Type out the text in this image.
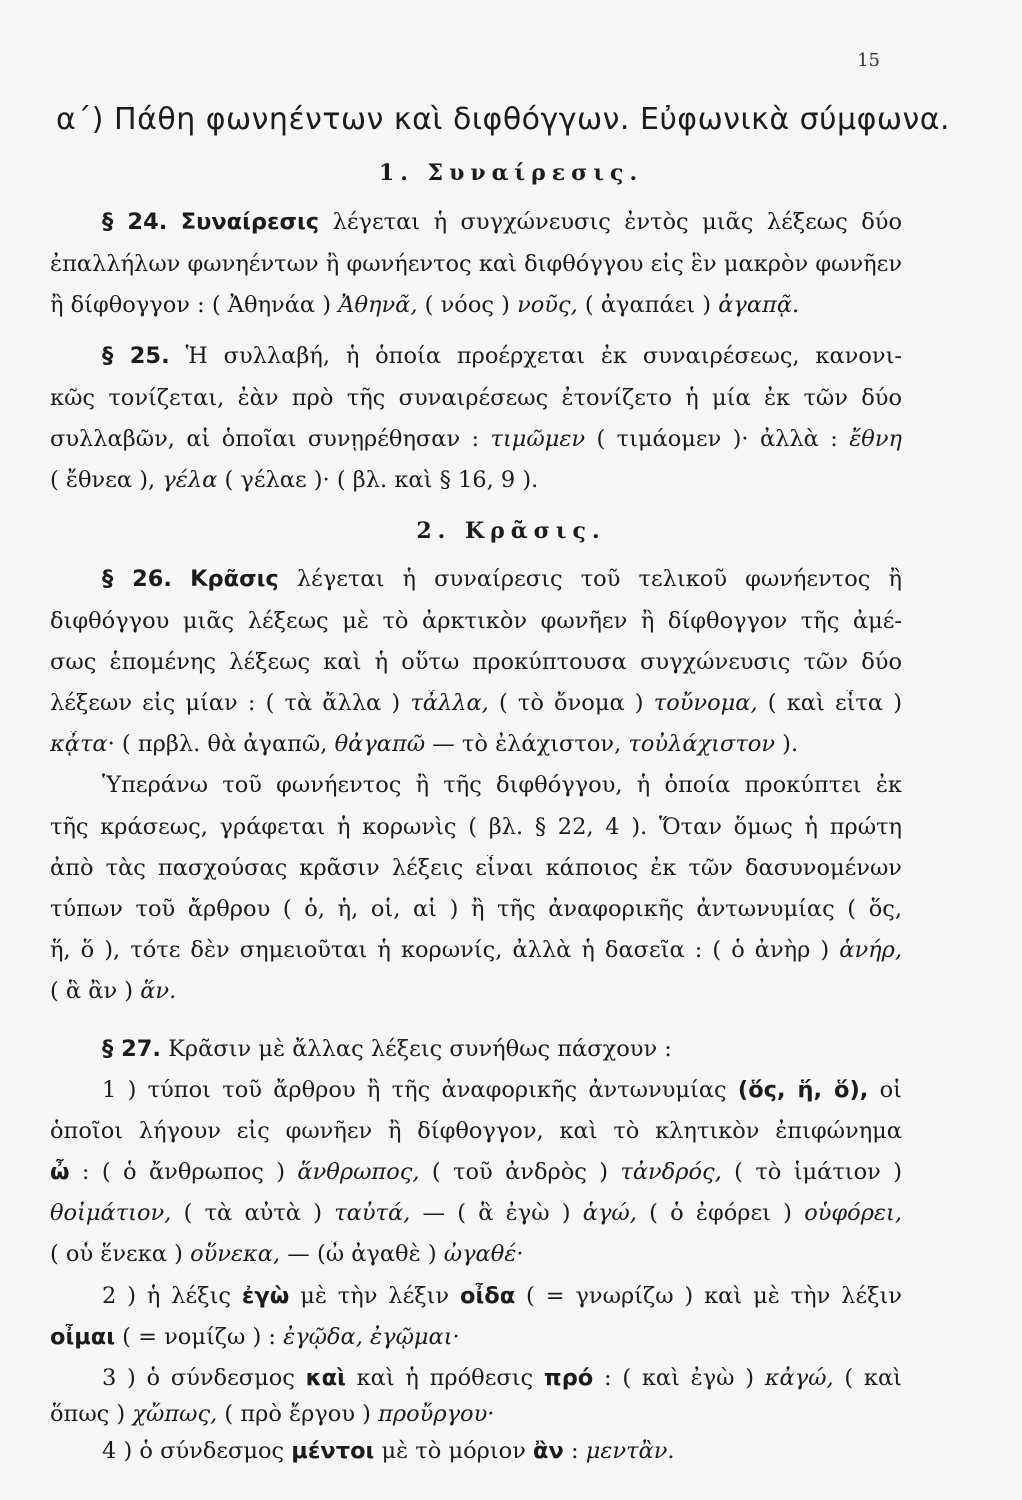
15
α΄) Πάθη φωνηέντων καὶ διφθόγγων. Εὐφωνικὰ σύμφωνα.
1. Συναίρεσις.
§ 24. Συναίρεσις λέγεται ἡ συγχώνευσις ἐντὸς μιᾶς λέξεως δύο
ἐπαλλήλων φωνηέντων ἢ φωνήεντος καὶ διφθόγγου εἰς ἓν μακρὸν φωνῆεν
ἢ δίφθογγον : ( Ἀθηνάα ) Ἀθηνᾶ, ( νόος ) νοῦς, ( ἀγαπάει ) ἀγαπᾷ.
§ 25. Ἡ συλλαβή, ἡ ὁποία προέρχεται ἐκ συναιρέσεως, κανονι-
κῶς τονίζεται, ἐὰν πρὸ τῆς συναιρέσεως ἐτονίζετο ἡ μία ἐκ τῶν δύο
συλλαβῶν, αἱ ὁποῖαι συνῃρέθησαν : τιμῶμεν ( τιμάομεν )· ἀλλὰ : ἔθνη
( ἔθνεα ), γέλα ( γέλαε )· ( βλ. καὶ § 16, 9 ).
2. Κρᾶσις.
§ 26. Κρᾶσις λέγεται ἡ συναίρεσις τοῦ τελικοῦ φωνήεντος ἢ
διφθόγγου μιᾶς λέξεως μὲ τὸ ἀρκτικὸν φωνῆεν ἢ δίφθογγον τῆς ἀμέ-
σως ἑπομένης λέξεως καὶ ἡ οὕτω προκύπτουσα συγχώνευσις τῶν δύο
λέξεων εἰς μίαν : ( τὰ ἄλλα ) τἆλλα, ( τὸ ὄνομα ) τοὔνομα, ( καὶ εἶτα )
κᾆτα· ( πρβλ. θὰ ἀγαπῶ, θἀγαπῶ — τὸ ἐλάχιστον, τοὐλάχιστον ).
Ὑπεράνω τοῦ φωνήεντος ἢ τῆς διφθόγγου, ἡ ὁποία προκύπτει ἐκ
τῆς κράσεως, γράφεται ἡ κορωνὶς ( βλ. § 22, 4 ). Ὅταν ὅμως ἡ πρώτη
ἀπὸ τὰς πασχούσας κρᾶσιν λέξεις εἶναι κάποιος ἐκ τῶν δασυνομένων
τύπων τοῦ ἄρθρου ( ὁ, ἡ, οἱ, αἱ ) ἢ τῆς ἀναφορικῆς ἀντωνυμίας ( ὅς,
ἥ, ὅ ), τότε δὲν σημειοῦται ἡ κορωνίς, ἀλλὰ ἡ δασεῖα : ( ὁ ἀνὴρ ) ἁνήρ,
( ἃ ἂν ) ἅν.
§ 27. Κρᾶσιν μὲ ἄλλας λέξεις συνήθως πάσχουν :
1 ) τύποι τοῦ ἄρθρου ἢ τῆς ἀναφορικῆς ἀντωνυμίας (ὅς, ἥ, ὅ), οἱ
ὁποῖοι λήγουν εἰς φωνῆεν ἢ δίφθογγον, καὶ τὸ κλητικὸν ἐπιφώνημα
ὦ : ( ὁ ἄνθρωπος ) ἅνθρωπος, ( τοῦ ἀνδρὸς ) τἀνδρός, ( τὸ ἱμάτιον )
θοἰμάτιον, ( τὰ αὐτὰ ) ταὐτά, — ( ἃ ἐγὼ ) ἁγώ, ( ὁ ἐφόρει ) οὑφόρει,
( οὗ ἕνεκα ) οὕνεκα, — (ὦ ἀγαθὲ ) ὠγαθέ·
2 ) ἡ λέξις ἐγὼ μὲ τὴν λέξιν οἶδα ( = γνωρίζω ) καὶ μὲ τὴν λέξιν
οἶμαι ( = νομίζω ) : ἐγῷδα, ἐγῷμαι·
3 ) ὁ σύνδεσμος καὶ καὶ ἡ πρόθεσις πρό : ( καὶ ἐγὼ ) κἀγώ, ( καὶ
ὅπως ) χὤπως, ( πρὸ ἔργου ) προὔργου·
4 ) ὁ σύνδεσμος μέντοι μὲ τὸ μόριον ἂν : μεντἂν.
